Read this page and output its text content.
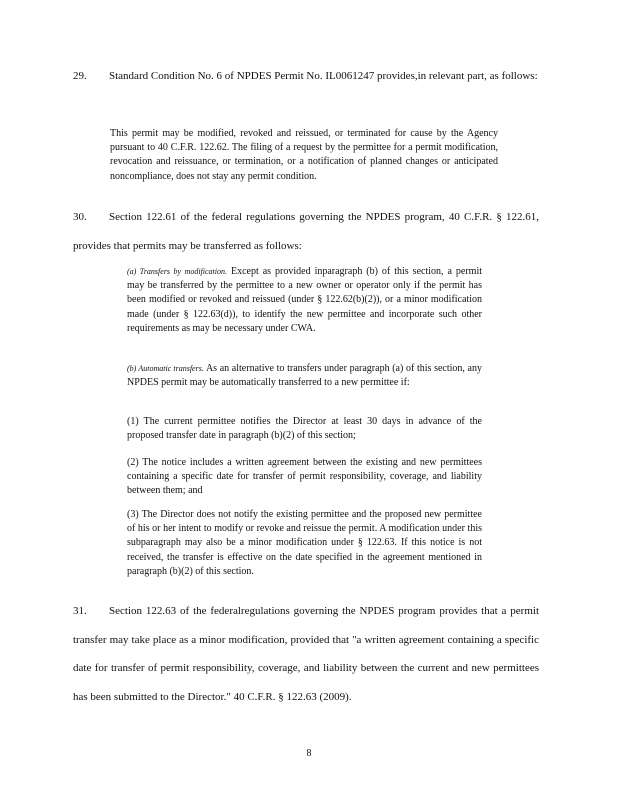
29. Standard Condition No. 6 of NPDES Permit No. IL0061247 provides,in relevant part, as follows:

This permit may be modified, revoked and reissued, or terminated for cause by the Agency pursuant to 40 C.F.R. 122.62. The filing of a request by the permittee for a permit modification, revocation and reissuance, or termination, or a notification of planned changes or anticipated noncompliance, does not stay any permit condition.

30. Section 122.61 of the federal regulations governing the NPDES program, 40 C.F.R. § 122.61, provides that permits may be transferred as follows:

(a) Transfers by modification. Except as provided inparagraph (b) of this section, a permit may be transferred by the permittee to a new owner or operator only if the permit has been modified or revoked and reissued (under § 122.62(b)(2)), or a minor modification made (under § 122.63(d)), to identify the new permittee and incorporate such other requirements as may be necessary under CWA.

(b) Automatic transfers. As an alternative to transfers under paragraph (a) of this section, any NPDES permit may be automatically transferred to a new permittee if:

(1) The current permittee notifies the Director at least 30 days in advance of the proposed transfer date in paragraph (b)(2) of this section;

(2) The notice includes a written agreement between the existing and new permittees containing a specific date for transfer of permit responsibility, coverage, and liability between them; and

(3) The Director does not notify the existing permittee and the proposed new permittee of his or her intent to modify or revoke and reissue the permit. A modification under this subparagraph may also be a minor modification under § 122.63. If this notice is not received, the transfer is effective on the date specified in the agreement mentioned in paragraph (b)(2) of this section.

31. Section 122.63 of the federalregulations governing the NPDES program provides that a permit transfer may take place as a minor modification, provided that "a written agreement containing a specific date for transfer of permit responsibility, coverage, and liability between the current and new permittees has been submitted to the Director." 40 C.F.R. § 122.63 (2009).

8
